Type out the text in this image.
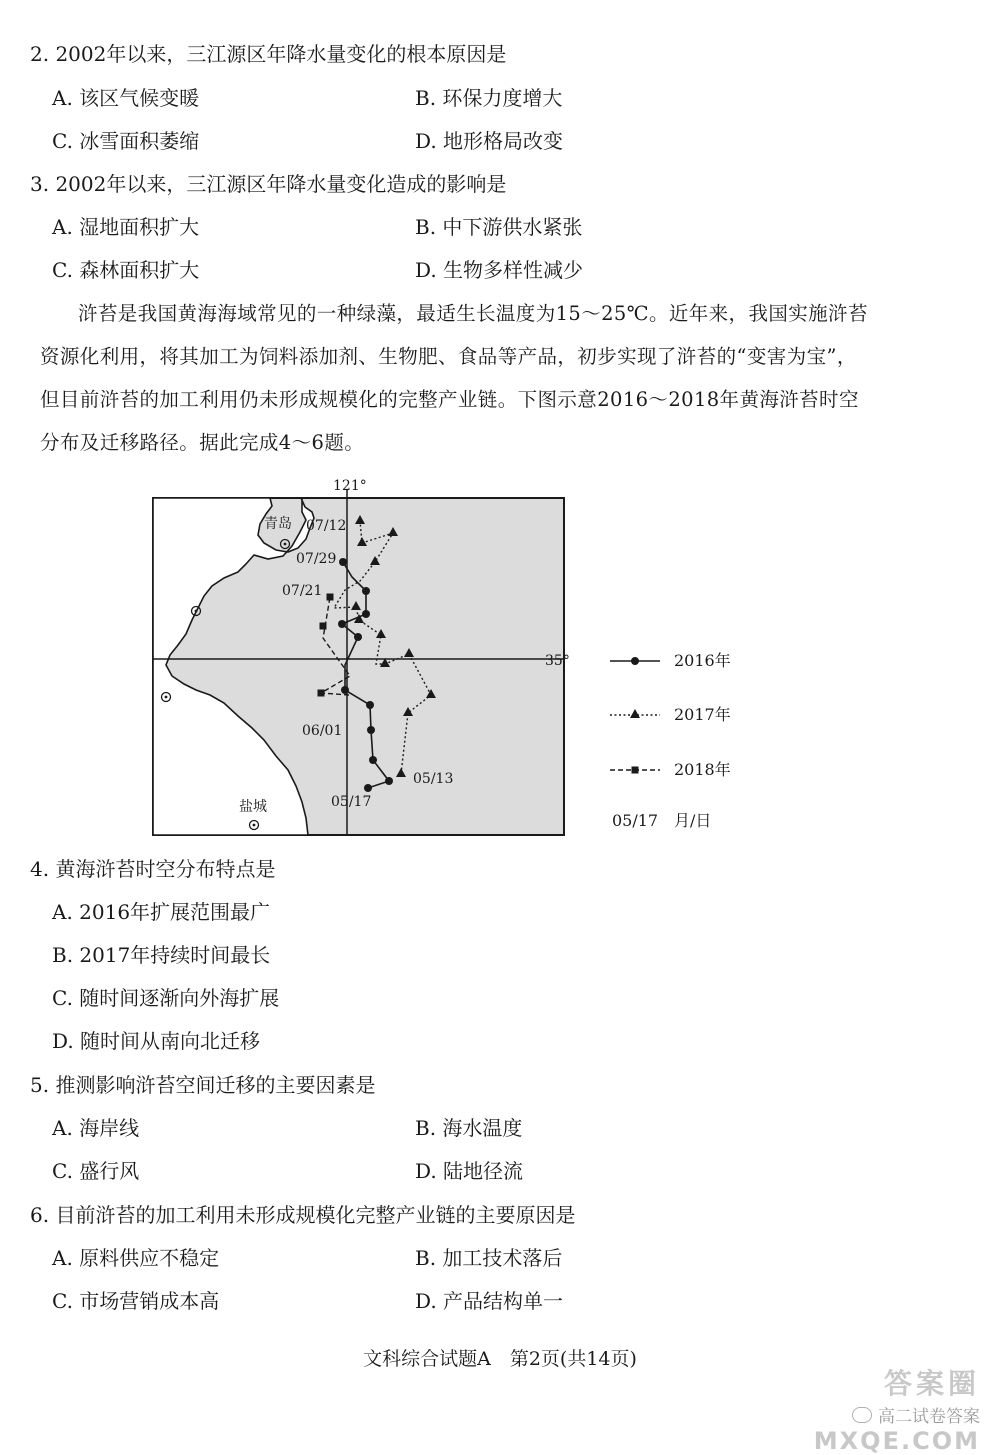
2. 2002年以来，三江源区年降水量变化的根本原因是
A. 该区气候变暖	B. 环保力度增大
C. 冰雪面积萎缩	D. 地形格局改变
3. 2002年以来，三江源区年降水量变化造成的影响是
A. 湿地面积扩大	B. 中下游供水紧张
C. 森林面积扩大	D. 生物多样性减少
浒苔是我国黄海海域常见的一种绿藻，最适生长温度为15～25℃。近年来，我国实施浒苔资源化利用，将其加工为饲料添加剂、生物肥、食品等产品，初步实现了浒苔的“变害为宝”，但目前浒苔的加工利用仍未形成规模化的完整产业链。下图示意2016～2018年黄海浒苔时空分布及迁移路径。据此完成4～6题。
121°
35°
青岛
盐城
07/12
07/29
07/21
06/01
05/13
05/17
2016年
2017年
2018年
05/17 月/日
4. 黄海浒苔时空分布特点是
A. 2016年扩展范围最广
B. 2017年持续时间最长
C. 随时间逐渐向外海扩展
D. 随时间从南向北迁移
5. 推测影响浒苔空间迁移的主要因素是
A. 海岸线	B. 海水温度
C. 盛行风	D. 陆地径流
6. 目前浒苔的加工利用未形成规模化完整产业链的主要原因是
A. 原料供应不稳定	B. 加工技术落后
C. 市场营销成本高	D. 产品结构单一
文科综合试题A　第2页(共14页)
答案圈
高二试卷答案
MXQE.COM
